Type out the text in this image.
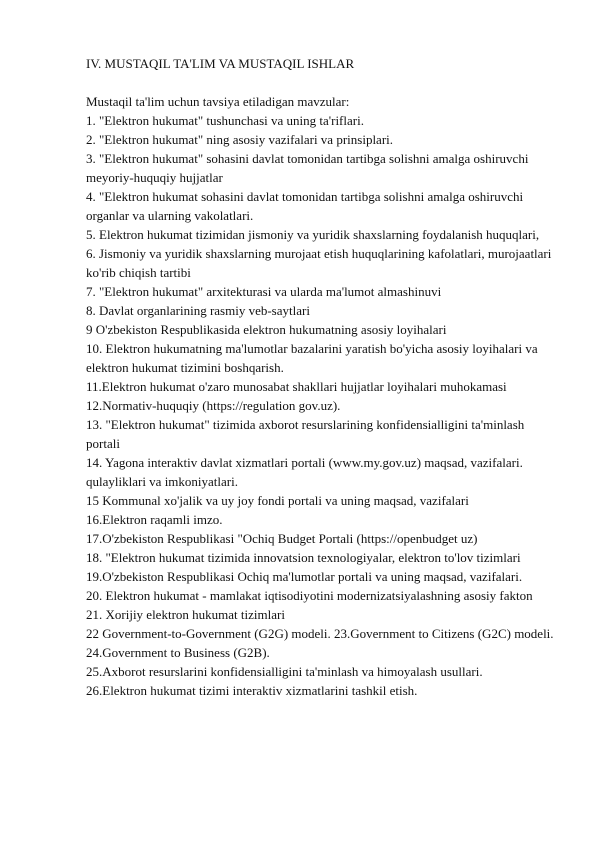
IV. MUSTAQIL TA'LIM VA MUSTAQIL ISHLAR

Mustaqil ta'lim uchun tavsiya etiladigan mavzular:

1. "Elektron hukumat" tushunchasi va uning ta'riflari.

2. "Elektron hukumat" ning asosiy vazifalari va prinsiplari.

3. "Elektron hukumat" sohasini davlat tomonidan tartibga solishni amalga oshiruvchi meyoriy-huquqiy hujjatlar

4. "Elektron hukumat sohasini davlat tomonidan tartibga solishni amalga oshiruvchi organlar va ularning vakolatlari.

5. Elektron hukumat tizimidan jismoniy va yuridik shaxslarning foydalanish huquqlari,

6. Jismoniy va yuridik shaxslarning murojaat etish huquqlarining kafolatlari, murojaatlari ko'rib chiqish tartibi

7. "Elektron hukumat" arxitekturasi va ularda ma'lumot almashinuvi

8. Davlat organlarining rasmiy veb-saytlari

9 O'zbekiston Respublikasida elektron hukumatning asosiy loyihalari

10. Elektron hukumatning ma'lumotlar bazalarini yaratish bo'yicha asosiy loyihalari va elektron hukumat tizimini boshqarish.

11.Elektron hukumat o'zaro munosabat shakllari hujjatlar loyihalari muhokamasi

12.Normativ-huquqiy (https://regulation gov.uz).

13. "Elektron hukumat" tizimida axborot resurslarining konfidensialligini ta'minlash portali

14. Yagona interaktiv davlat xizmatlari portali (www.my.gov.uz) maqsad, vazifalari. qulayliklari va imkoniyatlari.

15 Kommunal xo'jalik va uy joy fondi portali va uning maqsad, vazifalari

16.Elektron raqamli imzo.

17.O'zbekiston Respublikasi "Ochiq Budget Portali (https://openbudget uz)

18. "Elektron hukumat tizimida innovatsion texnologiyalar, elektron to'lov tizimlari

19.O'zbekiston Respublikasi Ochiq ma'lumotlar portali va uning maqsad, vazifalari.

20. Elektron hukumat - mamlakat iqtisodiyotini modernizatsiyalashning asosiy fakton

21. Xorijiy elektron hukumat tizimlari

22 Government-to-Government (G2G) modeli. 23.Government to Citizens (G2C) modeli.

24.Government to Business (G2B).

25.Axborot resurslarini konfidensialligini ta'minlash va himoyalash usullari.

26.Elektron hukumat tizimi interaktiv xizmatlarini tashkil etish.
